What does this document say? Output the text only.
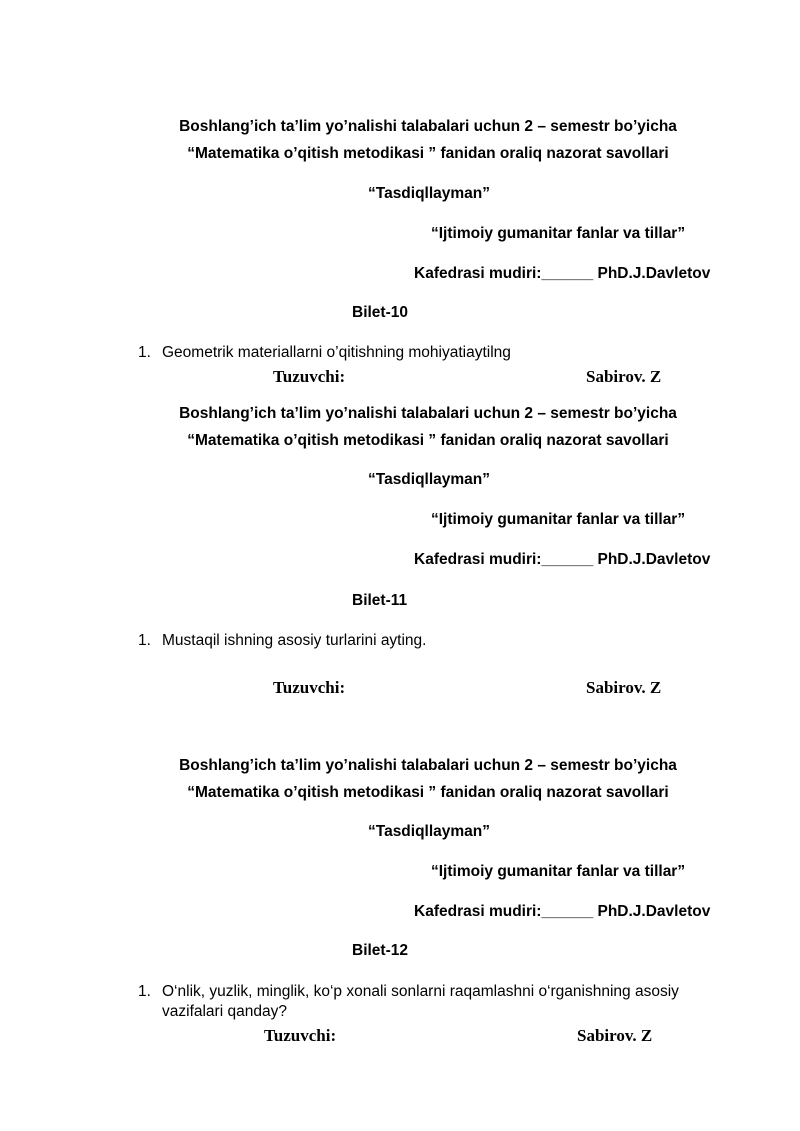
Boshlang’ich ta’lim yo’nalishi talabalari uchun 2 – semestr bo’yicha
“Matematika o’qitish metodikasi ” fanidan oraliq nazorat savollari
“Tasdiqllayman”
“Ijtimoiy gumanitar fanlar va tillar”
Kafedrasi mudiri:______ PhD.J.Davletov
Bilet-10
1. Geometrik materiallarni o’qitishning mohiyatiaytilng
Tuzuvchi:	Sabirov. Z
Boshlang’ich ta’lim yo’nalishi talabalari uchun 2 – semestr bo’yicha
“Matematika o’qitish metodikasi ” fanidan oraliq nazorat savollari
“Tasdiqllayman”
“Ijtimoiy gumanitar fanlar va tillar”
Kafedrasi mudiri:______ PhD.J.Davletov
Bilet-11
1. Mustaqil ishning asosiy turlarini ayting.
Tuzuvchi:	Sabirov. Z
Boshlang’ich ta’lim yo’nalishi talabalari uchun 2 – semestr bo’yicha
“Matematika o’qitish metodikasi ” fanidan oraliq nazorat savollari
“Tasdiqllayman”
“Ijtimoiy gumanitar fanlar va tillar”
Kafedrasi mudiri:______ PhD.J.Davletov
Bilet-12
1. O‘nlik, yuzlik, minglik, ko‘p xonali sonlarni raqamlashni o‘rganishning asosiy
vazifalari qanday?
Tuzuvchi:	Sabirov. Z
